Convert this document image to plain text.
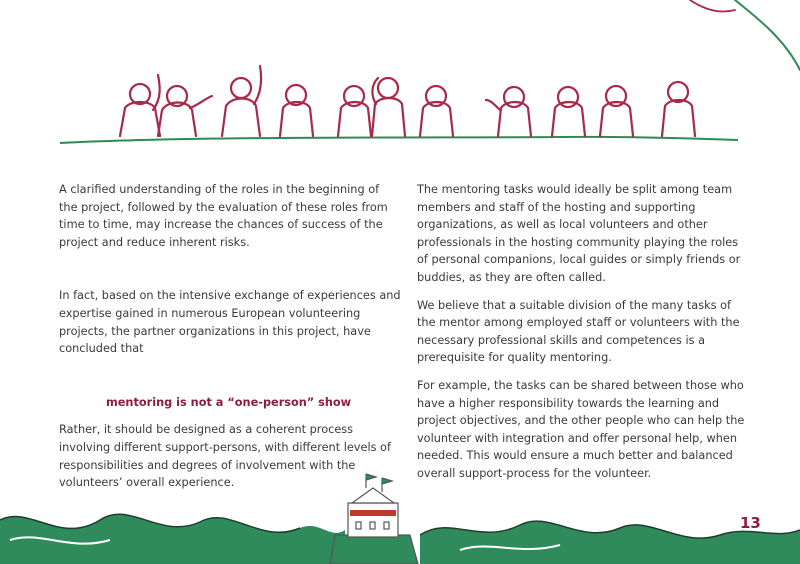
A clarified understanding of the roles in the beginning of the project, followed by the evaluation of these roles from time to time, may increase the chances of success of the project and reduce inherent risks.

In fact, based on the intensive exchange of experiences and expertise gained in numerous European volunteering projects, the partner organizations in this project, have concluded that

mentoring is not a “one-person” show

Rather, it should be designed as a coherent process involving different support-persons, with different levels of responsibilities and degrees of involvement with the volunteers’ overall experience.

The mentoring tasks would ideally be split among team members and staff of the hosting and supporting organizations, as well as local volunteers and other professionals in the hosting community playing the roles of personal companions, local guides or simply friends or buddies, as they are often called.

We believe that a suitable division of the many tasks of the mentor among employed staff or volunteers with the necessary professional skills and competences is a prerequisite for quality mentoring.

For example, the tasks can be shared between those who have a higher responsibility towards the learning and project objectives, and the other people who can help the volunteer with integration and offer personal help, when needed. This would ensure a much better and balanced overall support-process for the volunteer.

13
